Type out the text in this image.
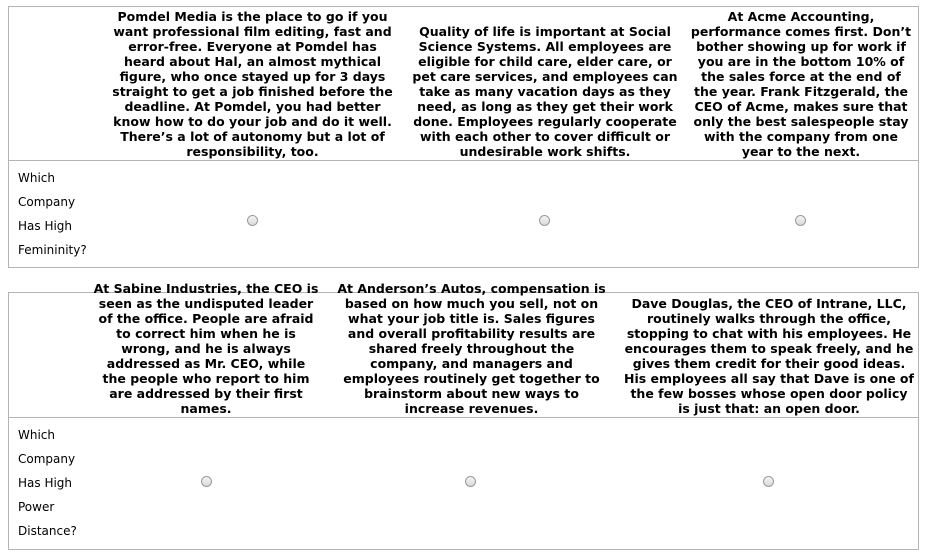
Pomdel Media is the place to go if you want professional film editing, fast and error-free. Everyone at Pomdel has heard about Hal, an almost mythical figure, who once stayed up for 3 days straight to get a job finished before the deadline. At Pomdel, you had better know how to do your job and do it well. There’s a lot of autonomy but a lot of responsibility, too.
Quality of life is important at Social Science Systems. All employees are eligible for child care, elder care, or pet care services, and employees can take as many vacation days as they need, as long as they get their work done. Employees regularly cooperate with each other to cover difficult or undesirable work shifts.
At Acme Accounting, performance comes first. Don’t bother showing up for work if you are in the bottom 10% of the sales force at the end of the year. Frank Fitzgerald, the CEO of Acme, makes sure that only the best salespeople stay with the company from one year to the next.
Which
Company
Has High
Femininity?
At Sabine Industries, the CEO is seen as the undisputed leader of the office. People are afraid to correct him when he is wrong, and he is always addressed as Mr. CEO, while the people who report to him are addressed by their first names.
At Anderson’s Autos, compensation is based on how much you sell, not on what your job title is. Sales figures and overall profitability results are shared freely throughout the company, and managers and employees routinely get together to brainstorm about new ways to increase revenues.
Dave Douglas, the CEO of Intrane, LLC, routinely walks through the office, stopping to chat with his employees. He encourages them to speak freely, and he gives them credit for their good ideas. His employees all say that Dave is one of the few bosses whose open door policy is just that: an open door.
Which
Company
Has High
Power
Distance?
